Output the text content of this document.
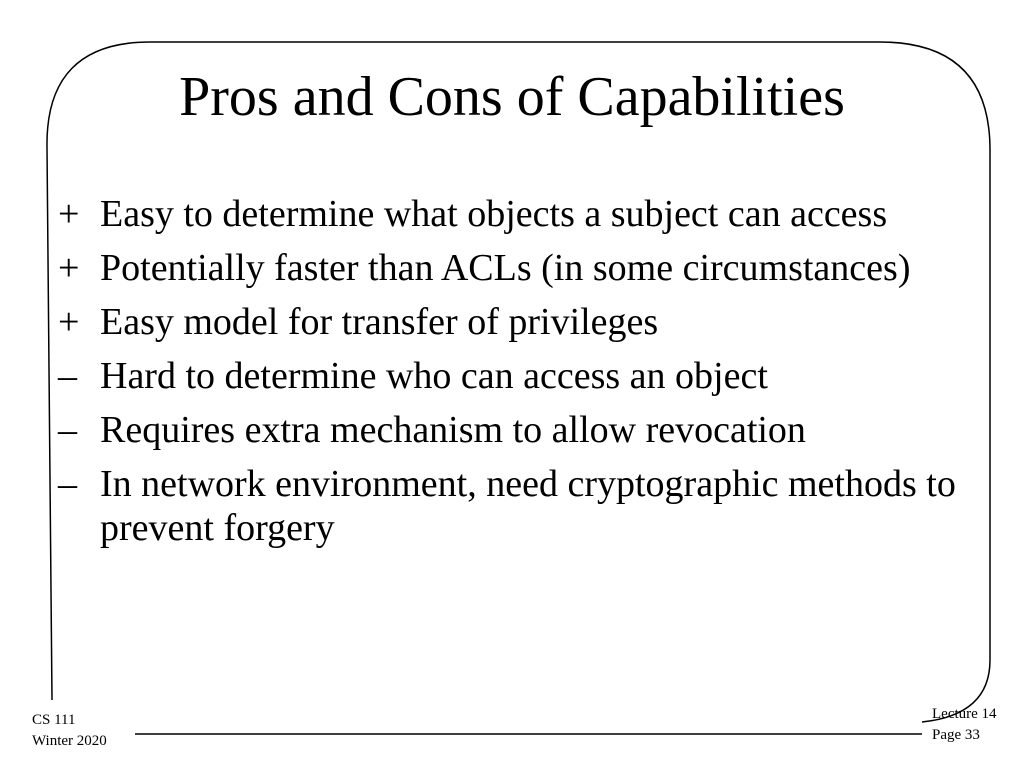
Pros and Cons of Capabilities
+ Easy to determine what objects a subject can access
+ Potentially faster than ACLs (in some circumstances)
+ Easy model for transfer of privileges
– Hard to determine who can access an object
– Requires extra mechanism to allow revocation
– In network environment, need cryptographic methods to prevent forgery
CS 111
Winter 2020
Lecture 14
Page 33
